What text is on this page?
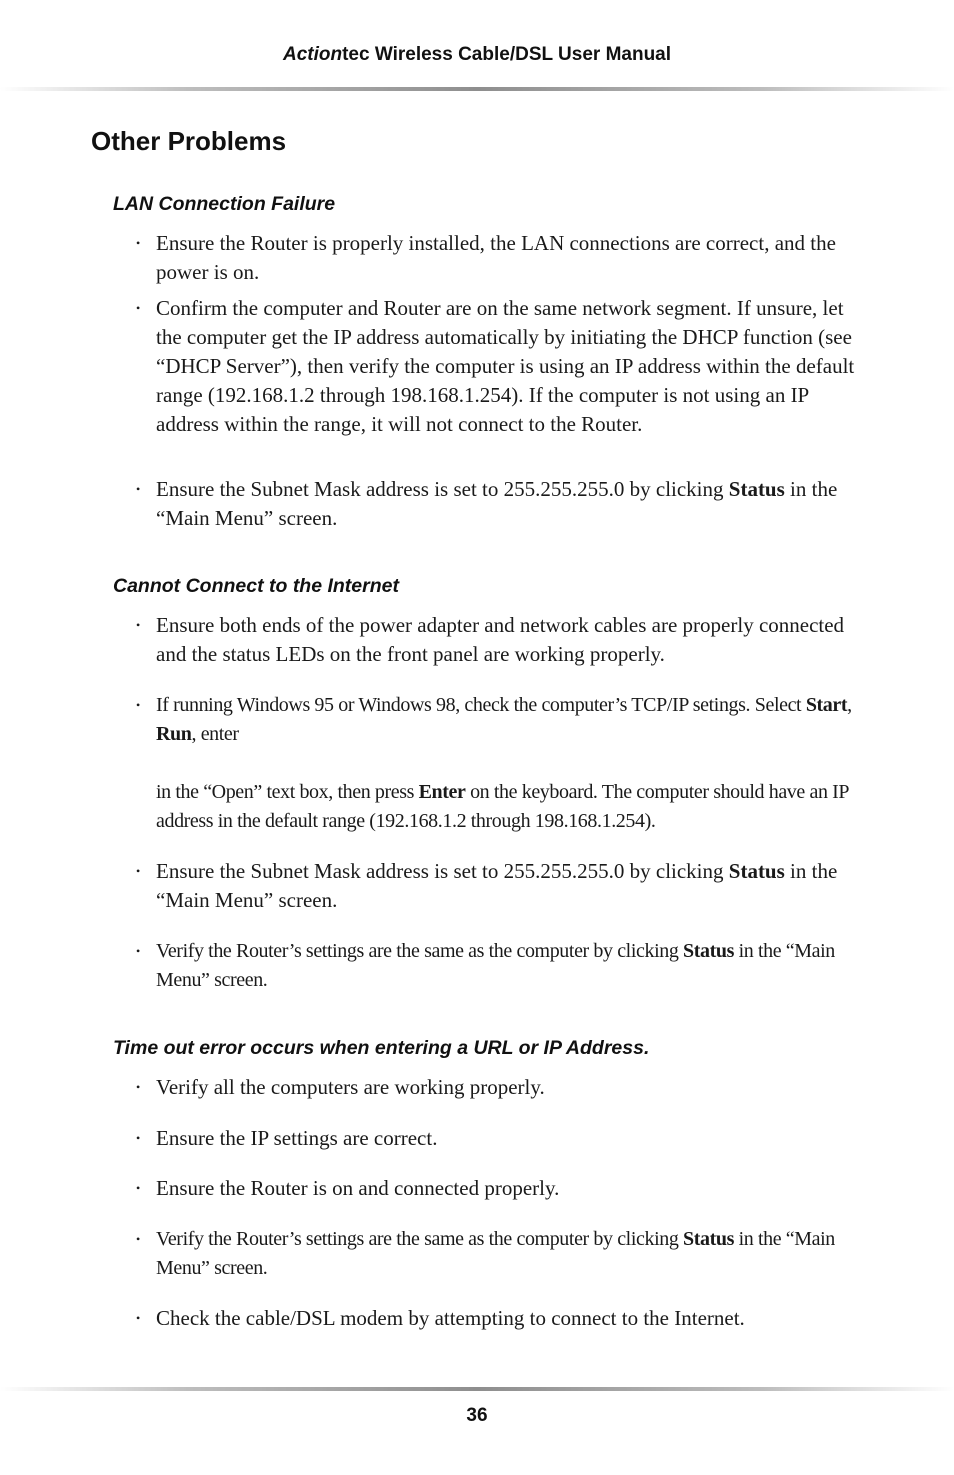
Actiontec Wireless Cable/DSL User Manual
Other Problems
LAN Connection Failure
• Ensure the Router is properly installed, the LAN connections are correct, and the power is on.
• Confirm the computer and Router are on the same network segment. If unsure, let the computer get the IP address automatically by initiating the DHCP function (see “DHCP Server”), then verify the computer is using an IP address within the default range (192.168.1.2 through 198.168.1.254). If the computer is not using an IP address within the range, it will not connect to the Router.
• Ensure the Subnet Mask address is set to 255.255.255.0 by clicking Status in the “Main Menu” screen.
Cannot Connect to the Internet
• Ensure both ends of the power adapter and network cables are properly connected and the status LEDs on the front panel are working properly.
• If running Windows 95 or Windows 98, check the computer’s TCP/IP setings. Select Start, Run, enter
in the “Open” text box, then press Enter on the keyboard. The computer should have an IP address in the default range (192.168.1.2 through 198.168.1.254).
• Ensure the Subnet Mask address is set to 255.255.255.0 by clicking Status in the “Main Menu” screen.
• Verify the Router’s settings are the same as the computer by clicking Status in the “Main Menu” screen.
Time out error occurs when entering a URL or IP Address.
• Verify all the computers are working properly.
• Ensure the IP settings are correct.
• Ensure the Router is on and connected properly.
• Verify the Router’s settings are the same as the computer by clicking Status in the “Main Menu” screen.
• Check the cable/DSL modem by attempting to connect to the Internet.
36
